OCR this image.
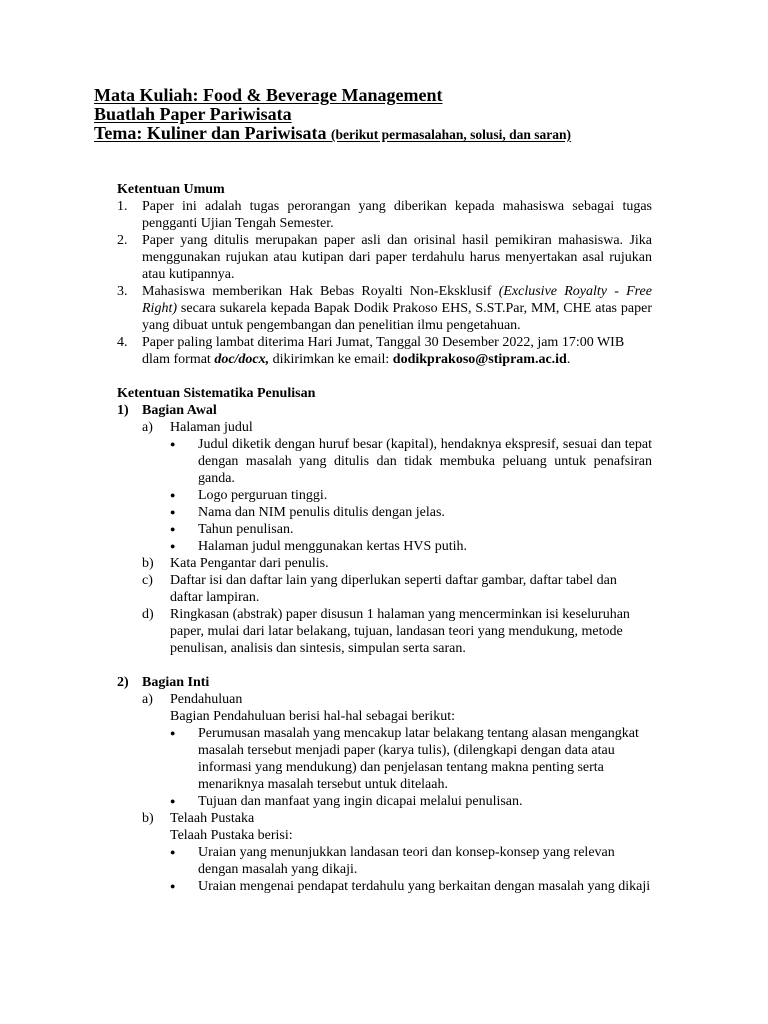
Mata Kuliah: Food & Beverage Management
Buatlah Paper Pariwisata
Tema: Kuliner dan Pariwisata (berikut permasalahan, solusi, dan saran)
Ketentuan Umum
1.	Paper ini adalah tugas perorangan yang diberikan kepada mahasiswa sebagai tugas pengganti Ujian Tengah Semester.
2.	Paper yang ditulis merupakan paper asli dan orisinal hasil pemikiran mahasiswa. Jika menggunakan rujukan atau kutipan dari paper terdahulu harus menyertakan asal rujukan atau kutipannya.
3.	Mahasiswa memberikan Hak Bebas Royalti Non-Eksklusif (Exclusive Royalty - Free Right) secara sukarela kepada Bapak Dodik Prakoso EHS, S.ST.Par, MM, CHE atas paper yang dibuat untuk pengembangan dan penelitian ilmu pengetahuan.
4.	Paper paling lambat diterima Hari Jumat, Tanggal 30 Desember 2022, jam 17:00 WIB dlam format doc/docx, dikirimkan ke email: dodikprakoso@stipram.ac.id.
Ketentuan Sistematika Penulisan
1) Bagian Awal
a)	Halaman judul
●	Judul diketik dengan huruf besar (kapital), hendaknya ekspresif, sesuai dan tepat dengan masalah yang ditulis dan tidak membuka peluang untuk penafsiran ganda.
●	Logo perguruan tinggi.
●	Nama dan NIM penulis ditulis dengan jelas.
●	Tahun penulisan.
●	Halaman judul menggunakan kertas HVS putih.
b)	Kata Pengantar dari penulis.
c)	Daftar isi dan daftar lain yang diperlukan seperti daftar gambar, daftar tabel dan daftar lampiran.
d)	Ringkasan (abstrak) paper disusun 1 halaman yang mencerminkan isi keseluruhan paper, mulai dari latar belakang, tujuan, landasan teori yang mendukung, metode penulisan, analisis dan sintesis, simpulan serta saran.
2) Bagian Inti
a)	Pendahuluan
Bagian Pendahuluan berisi hal-hal sebagai berikut:
●	Perumusan masalah yang mencakup latar belakang tentang alasan mengangkat masalah tersebut menjadi paper (karya tulis), (dilengkapi dengan data atau informasi yang mendukung) dan penjelasan tentang makna penting serta menariknya masalah tersebut untuk ditelaah.
●	Tujuan dan manfaat yang ingin dicapai melalui penulisan.
b)	Telaah Pustaka
Telaah Pustaka berisi:
●	Uraian yang menunjukkan landasan teori dan konsep-konsep yang relevan dengan masalah yang dikaji.
●	Uraian mengenai pendapat terdahulu yang berkaitan dengan masalah yang dikaji
